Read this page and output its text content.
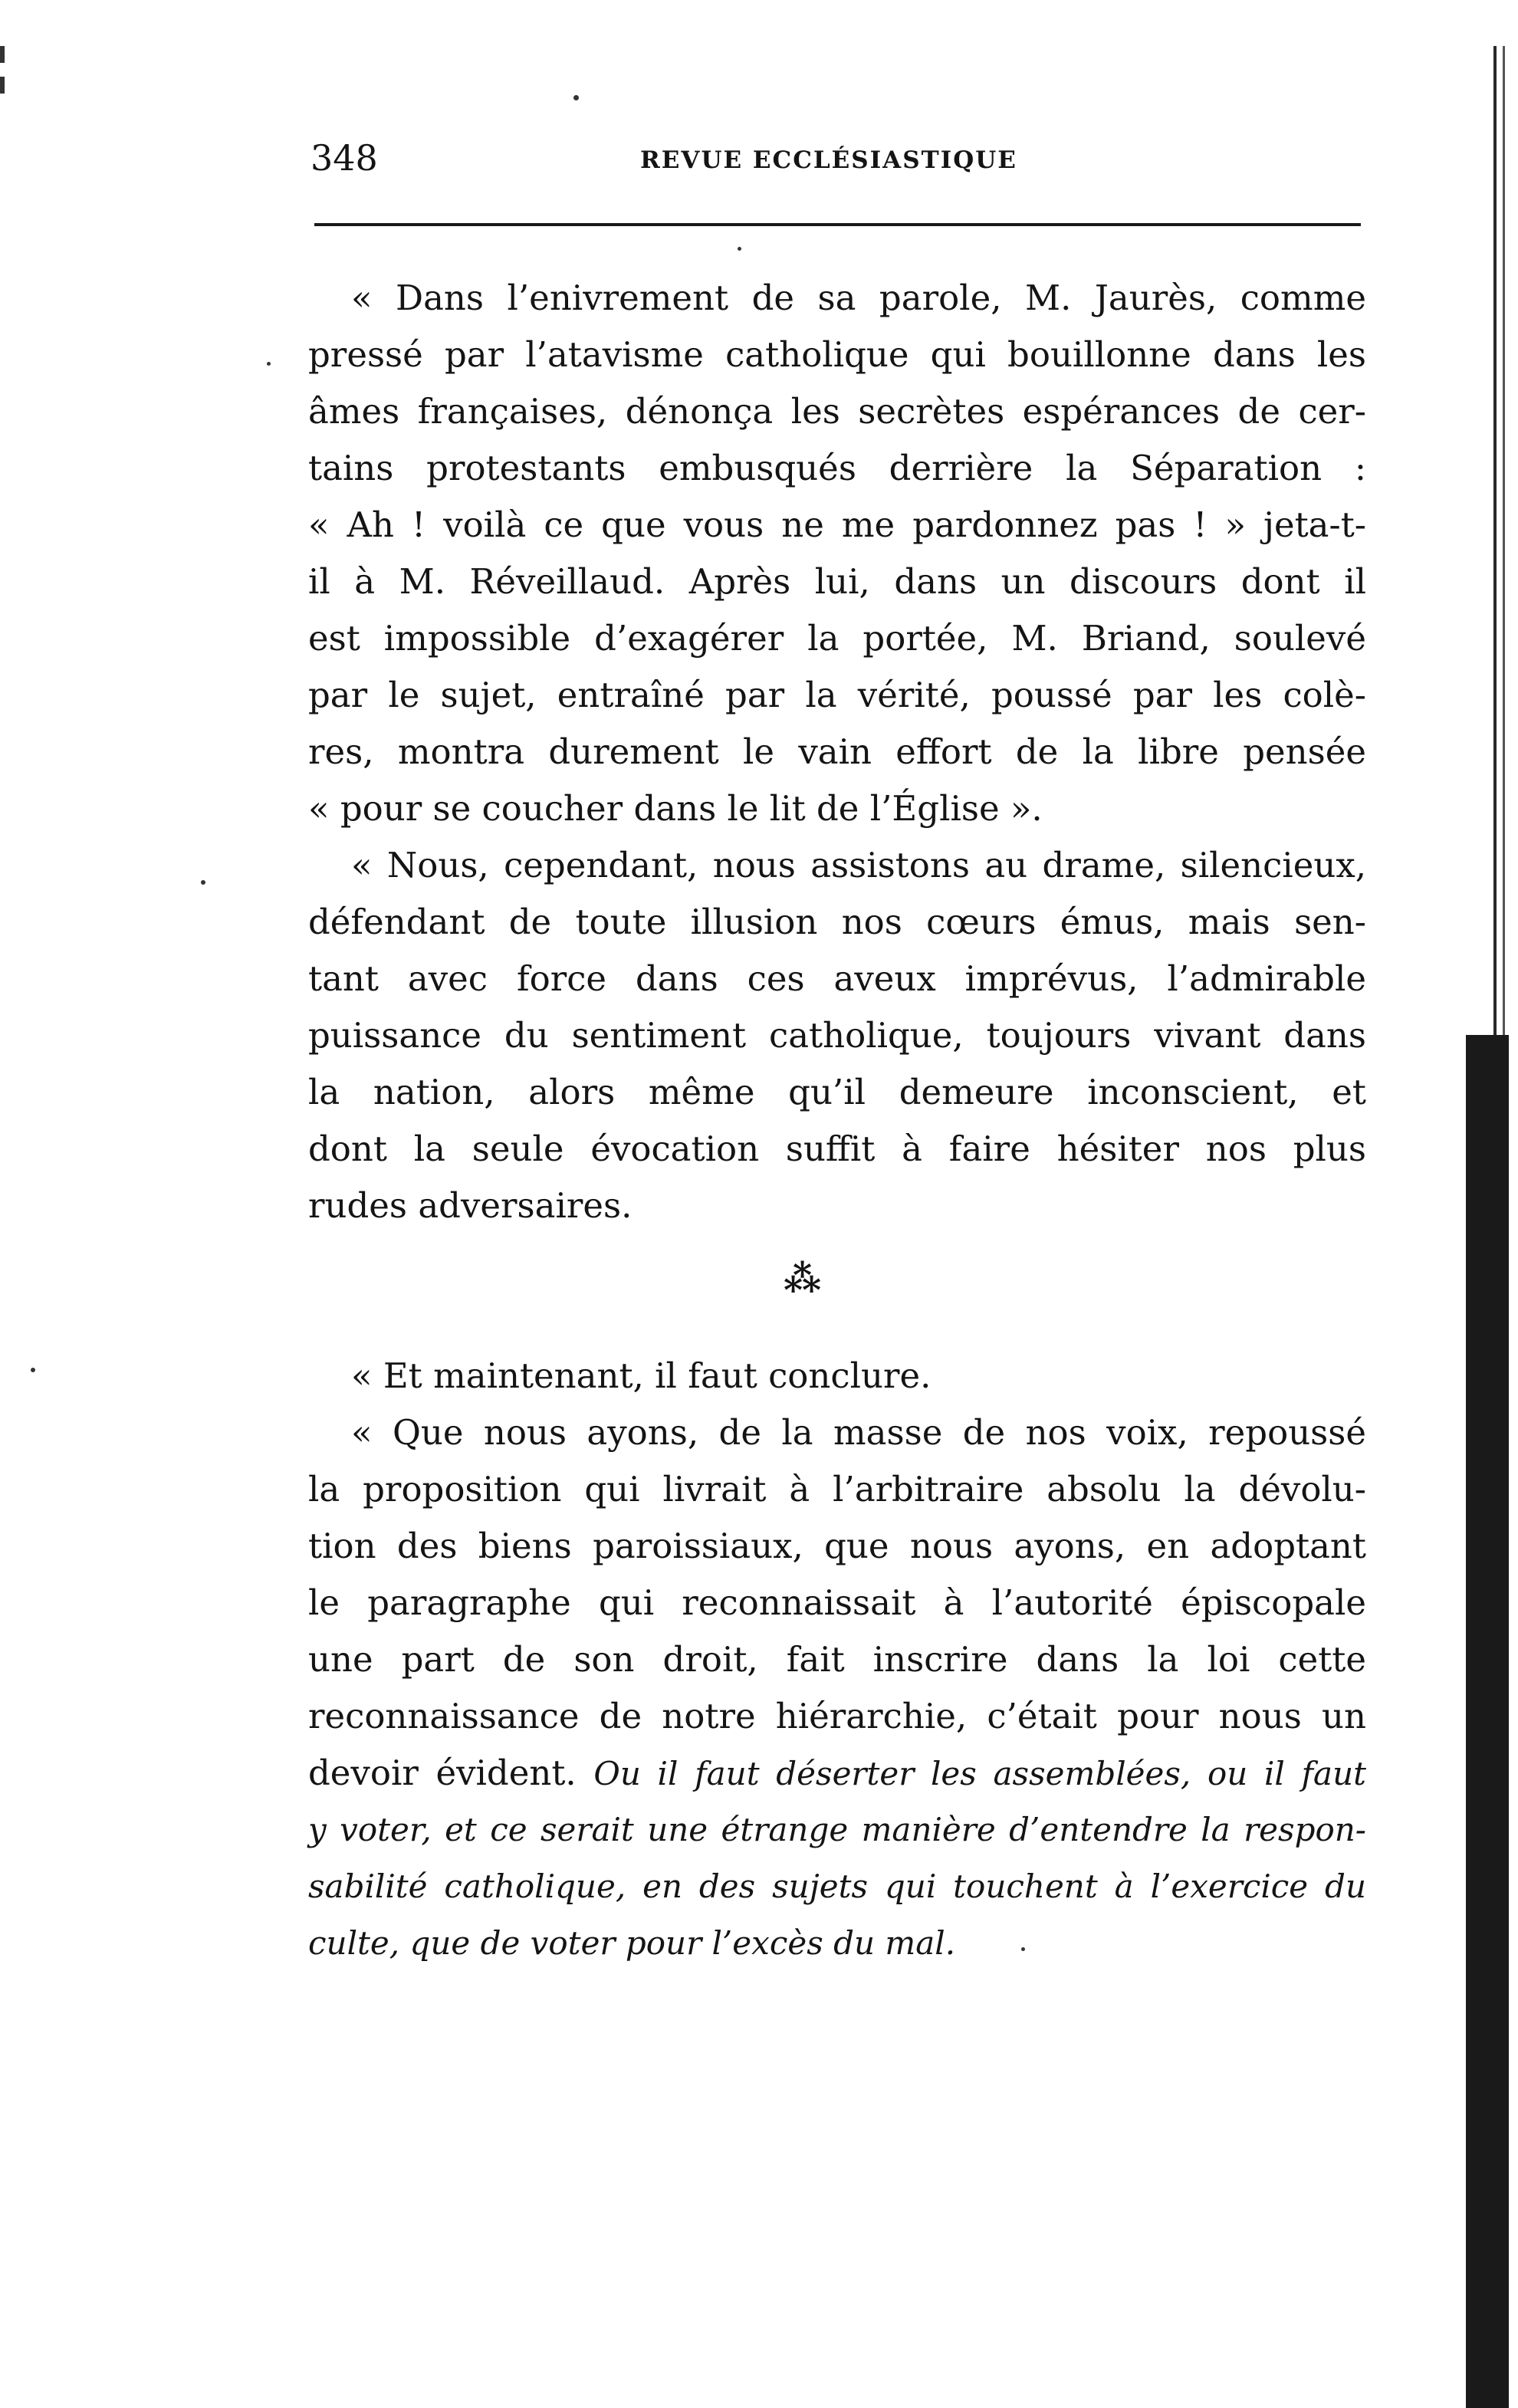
348	REVUE ECCLÉSIASTIQUE
« Dans l’enivrement de sa parole, M. Jaurès, comme
pressé par l’atavisme catholique qui bouillonne dans les
âmes françaises, dénonça les secrètes espérances de cer-
tains protestants embusqués derrière la Séparation :
« Ah ! voilà ce que vous ne me pardonnez pas ! » jeta-t-
il à M. Réveillaud. Après lui, dans un discours dont il
est impossible d’exagérer la portée, M. Briand, soulevé
par le sujet, entraîné par la vérité, poussé par les colè-
res, montra durement le vain effort de la libre pensée
« pour se coucher dans le lit de l’Église ».
« Nous, cependant, nous assistons au drame, silencieux,
défendant de toute illusion nos cœurs émus, mais sen-
tant avec force dans ces aveux imprévus, l’admirable
puissance du sentiment catholique, toujours vivant dans
la nation, alors même qu’il demeure inconscient, et
dont la seule évocation suffit à faire hésiter nos plus
rudes adversaires.
⁂
« Et maintenant, il faut conclure.
« Que nous ayons, de la masse de nos voix, repoussé
la proposition qui livrait à l’arbitraire absolu la dévolu-
tion des biens paroissiaux, que nous ayons, en adoptant
le paragraphe qui reconnaissait à l’autorité épiscopale
une part de son droit, fait inscrire dans la loi cette
reconnaissance de notre hiérarchie, c’était pour nous un
devoir évident. Ou il faut déserter les assemblées, ou il faut
y voter, et ce serait une étrange manière d’entendre la respon-
sabilité catholique, en des sujets qui touchent à l’exercice du
culte, que de voter pour l’excès du mal.
